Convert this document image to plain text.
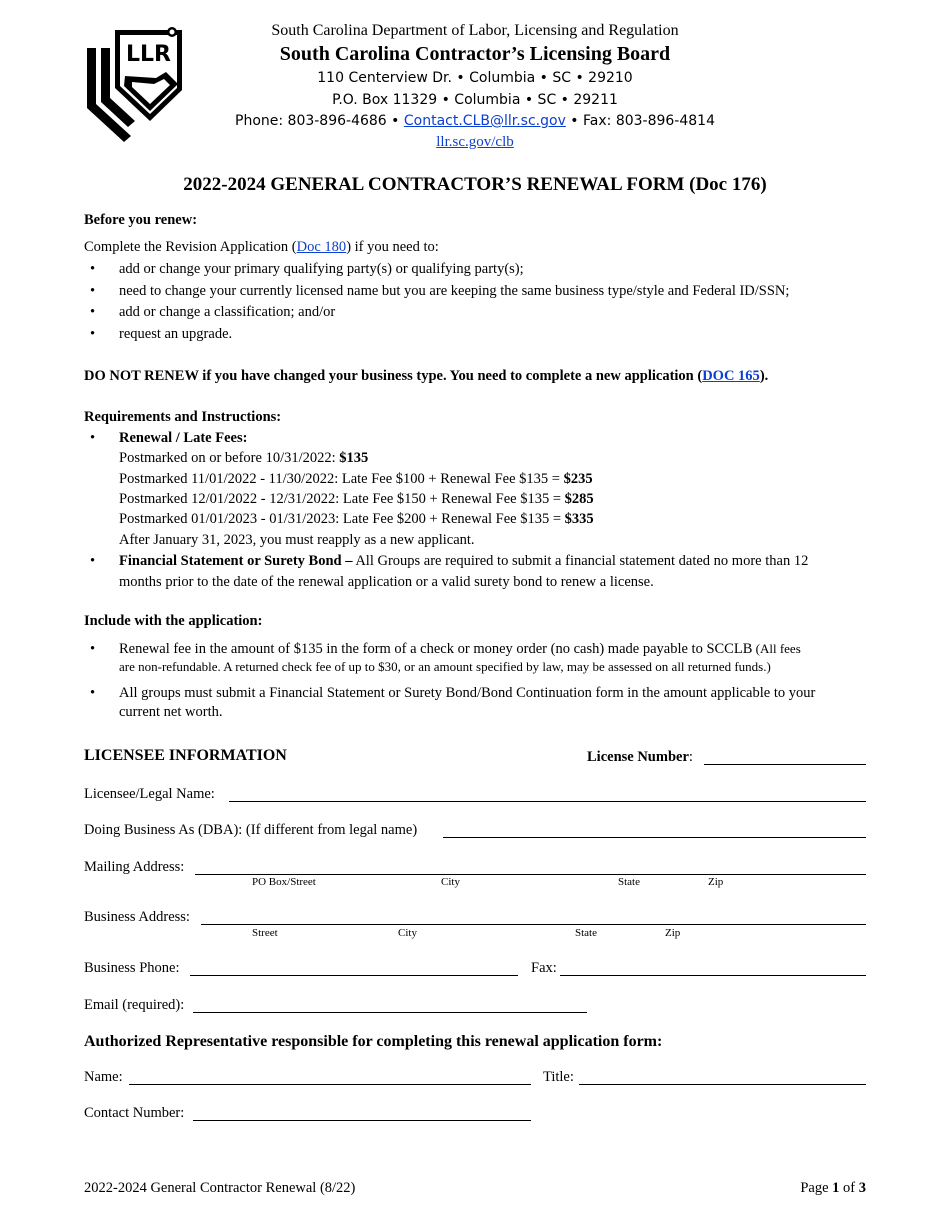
LLR
South Carolina Department of Labor, Licensing and Regulation
South Carolina Contractor’s Licensing Board
110 Centerview Dr. • Columbia • SC • 29210
P.O. Box 11329 • Columbia • SC • 29211
Phone: 803-896-4686 • Contact.CLB@llr.sc.gov • Fax: 803-896-4814
llr.sc.gov/clb
2022-2024 GENERAL CONTRACTOR’S RENEWAL FORM (Doc 176)
Before you renew:
Complete the Revision Application (Doc 180) if you need to:
• add or change your primary qualifying party(s) or qualifying party(s);
• need to change your currently licensed name but you are keeping the same business type/style and Federal ID/SSN;
• add or change a classification; and/or
• request an upgrade.
DO NOT RENEW if you have changed your business type. You need to complete a new application (DOC 165).
Requirements and Instructions:
• Renewal / Late Fees:
Postmarked on or before 10/31/2022: $135
Postmarked 11/01/2022 - 11/30/2022: Late Fee $100 + Renewal Fee $135 = $235
Postmarked 12/01/2022 - 12/31/2022: Late Fee $150 + Renewal Fee $135 = $285
Postmarked 01/01/2023 - 01/31/2023: Late Fee $200 + Renewal Fee $135 = $335
After January 31, 2023, you must reapply as a new applicant.
• Financial Statement or Surety Bond – All Groups are required to submit a financial statement dated no more than 12
months prior to the date of the renewal application or a valid surety bond to renew a license.
Include with the application:
• Renewal fee in the amount of $135 in the form of a check or money order (no cash) made payable to SCCLB (All fees
are non-refundable. A returned check fee of up to $30, or an amount specified by law, may be assessed on all returned funds.)
• All groups must submit a Financial Statement or Surety Bond/Bond Continuation form in the amount applicable to your
current net worth.
LICENSEE INFORMATION	License Number:
Licensee/Legal Name:
Doing Business As (DBA): (If different from legal name)
Mailing Address:
PO Box/Street	City	State	Zip
Business Address:
Street	City	State	Zip
Business Phone:	Fax:
Email (required):
Authorized Representative responsible for completing this renewal application form:
Name:	Title:
Contact Number:
2022-2024 General Contractor Renewal (8/22)	Page 1 of 3
